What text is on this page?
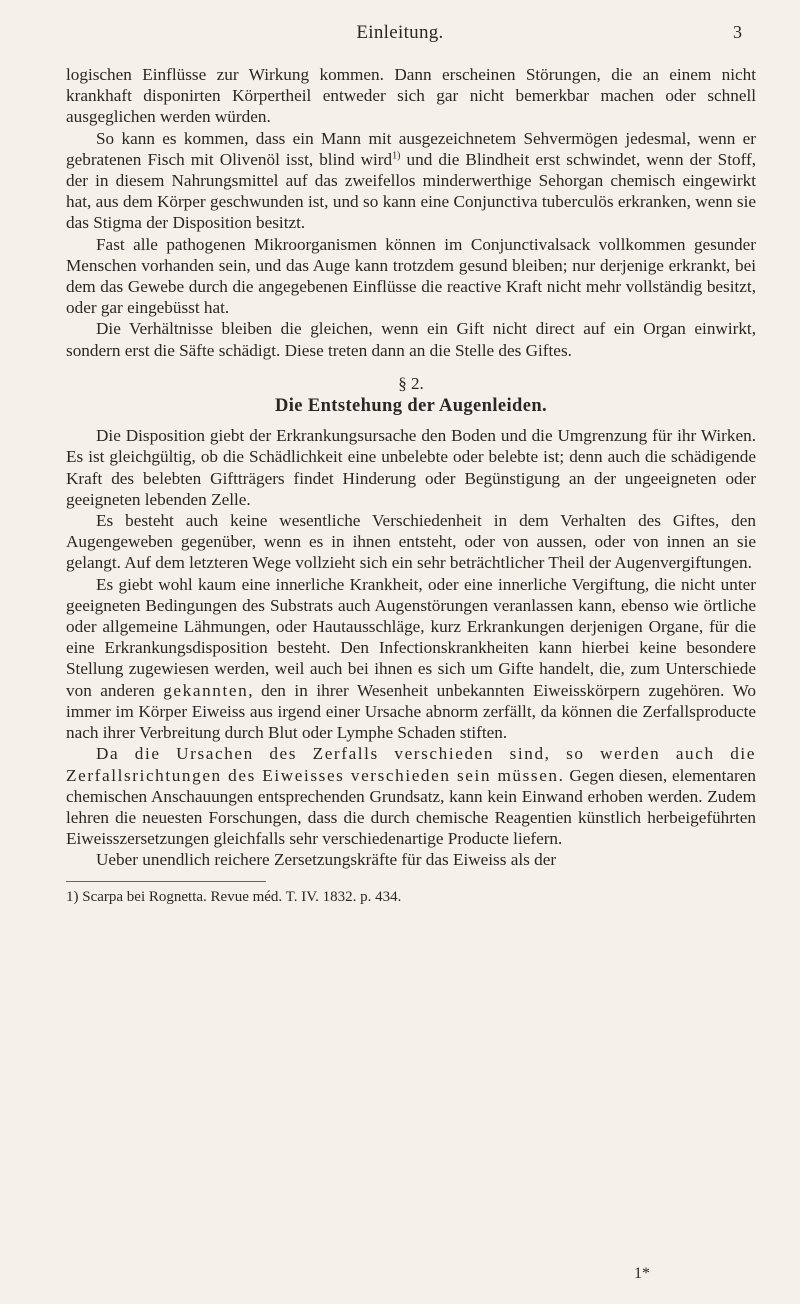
Einleitung.	3

logischen Einflüsse zur Wirkung kommen. Dann erscheinen Störungen, die an einem nicht krankhaft disponirten Körpertheil entweder sich gar nicht bemerkbar machen oder schnell ausgeglichen werden würden.

So kann es kommen, dass ein Mann mit ausgezeichnetem Sehvermögen jedesmal, wenn er gebratenen Fisch mit Olivenöl isst, blind wird$^{1)}$ und die Blindheit erst schwindet, wenn der Stoff, der in diesem Nahrungsmittel auf das zweifellos minderwerthige Sehorgan chemisch eingewirkt hat, aus dem Körper geschwunden ist, und so kann eine Conjunctiva tuberculös erkranken, wenn sie das Stigma der Disposition besitzt.

Fast alle pathogenen Mikroorganismen können im Conjunctivalsack vollkommen gesunder Menschen vorhanden sein, und das Auge kann trotzdem gesund bleiben; nur derjenige erkrankt, bei dem das Gewebe durch die angegebenen Einflüsse die reactive Kraft nicht mehr vollständig besitzt, oder gar eingebüsst hat.

Die Verhältnisse bleiben die gleichen, wenn ein Gift nicht direct auf ein Organ einwirkt, sondern erst die Säfte schädigt. Diese treten dann an die Stelle des Giftes.

§ 2.
Die Entstehung der Augenleiden.

Die Disposition giebt der Erkrankungsursache den Boden und die Umgrenzung für ihr Wirken. Es ist gleichgültig, ob die Schädlichkeit eine unbelebte oder belebte ist; denn auch die schädigende Kraft des belebten Giftträgers findet Hinderung oder Begünstigung an der ungeeigneten oder geeigneten lebenden Zelle.

Es besteht auch keine wesentliche Verschiedenheit in dem Verhalten des Giftes, den Augengeweben gegenüber, wenn es in ihnen entsteht, oder von aussen, oder von innen an sie gelangt. Auf dem letzteren Wege vollzieht sich ein sehr beträchtlicher Theil der Augenvergiftungen.

Es giebt wohl kaum eine innerliche Krankheit, oder eine innerliche Vergiftung, die nicht unter geeigneten Bedingungen des Substrats auch Augenstörungen veranlassen kann, ebenso wie örtliche oder allgemeine Lähmungen, oder Hautausschläge, kurz Erkrankungen derjenigen Organe, für die eine Erkrankungsdisposition besteht. Den Infectionskrankheiten kann hierbei keine besondere Stellung zugewiesen werden, weil auch bei ihnen es sich um Gifte handelt, die, zum Unterschiede von anderen gekannten, den in ihrer Wesenheit unbekannten Eiweisskörpern zugehören. Wo immer im Körper Eiweiss aus irgend einer Ursache abnorm zerfällt, da können die Zerfallsproducte nach ihrer Verbreitung durch Blut oder Lymphe Schaden stiften.

Da die Ursachen des Zerfalls verschieden sind, so werden auch die Zerfallsrichtungen des Eiweisses verschieden sein müssen. Gegen diesen, elementaren chemischen Anschauungen entsprechenden Grundsatz, kann kein Einwand erhoben werden. Zudem lehren die neuesten Forschungen, dass die durch chemische Reagentien künstlich herbeigeführten Eiweisszersetzungen gleichfalls sehr verschiedenartige Producte liefern.

Ueber unendlich reichere Zersetzungskräfte für das Eiweiss als der

1) Scarpa bei Rognetta. Revue méd. T. IV. 1832. p. 434.
1*
